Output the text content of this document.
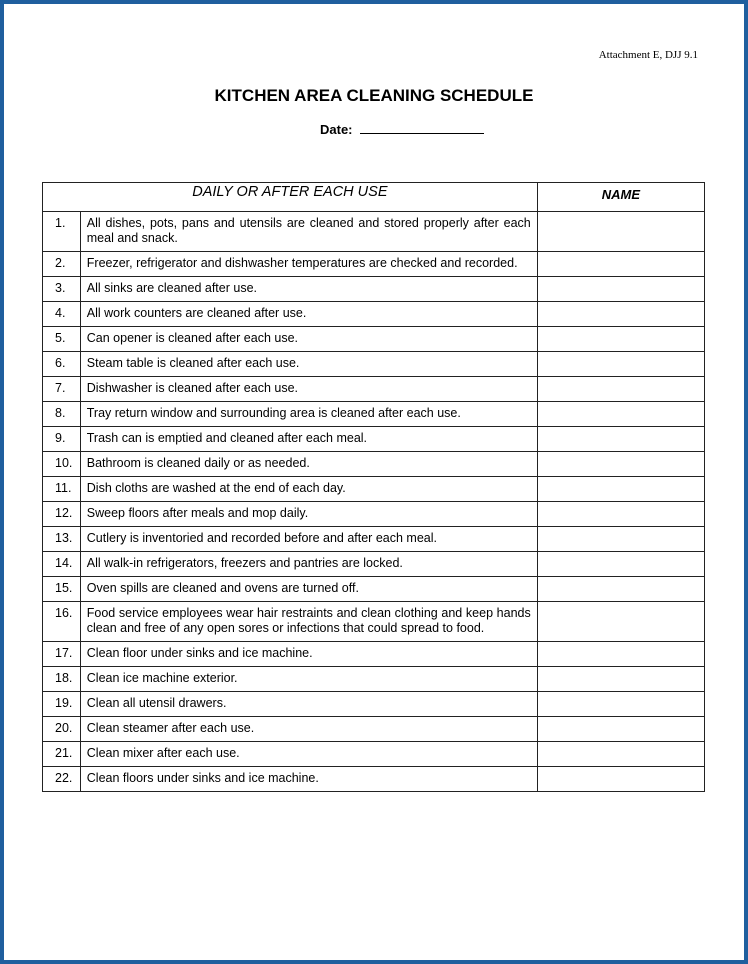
Attachment E, DJJ 9.1
KITCHEN AREA CLEANING SCHEDULE
Date:
DAILY OR AFTER EACH USE		NAME
1.	All dishes, pots, pans and utensils are cleaned and stored properly after each meal and snack.	
2.	Freezer, refrigerator and dishwasher temperatures are checked and recorded.	
3.	All sinks are cleaned after use.	
4.	All work counters are cleaned after use.	
5.	Can opener is cleaned after each use.	
6.	Steam table is cleaned after each use.	
7.	Dishwasher is cleaned after each use.	
8.	Tray return window and surrounding area is cleaned after each use.	
9.	Trash can is emptied and cleaned after each meal.	
10.	Bathroom is cleaned daily or as needed.	
11.	Dish cloths are washed at the end of each day.	
12.	Sweep floors after meals and mop daily.	
13.	Cutlery is inventoried and recorded before and after each meal.	
14.	All walk-in refrigerators, freezers and pantries are locked.	
15.	Oven spills are cleaned and ovens are turned off.	
16.	Food service employees wear hair restraints and clean clothing and keep hands clean and free of any open sores or infections that could spread to food.	
17.	Clean floor under sinks and ice machine.	
18.	Clean ice machine exterior.	
19.	Clean all utensil drawers.	
20.	Clean steamer after each use.	
21.	Clean mixer after each use.	
22.	Clean floors under sinks and ice machine.	
